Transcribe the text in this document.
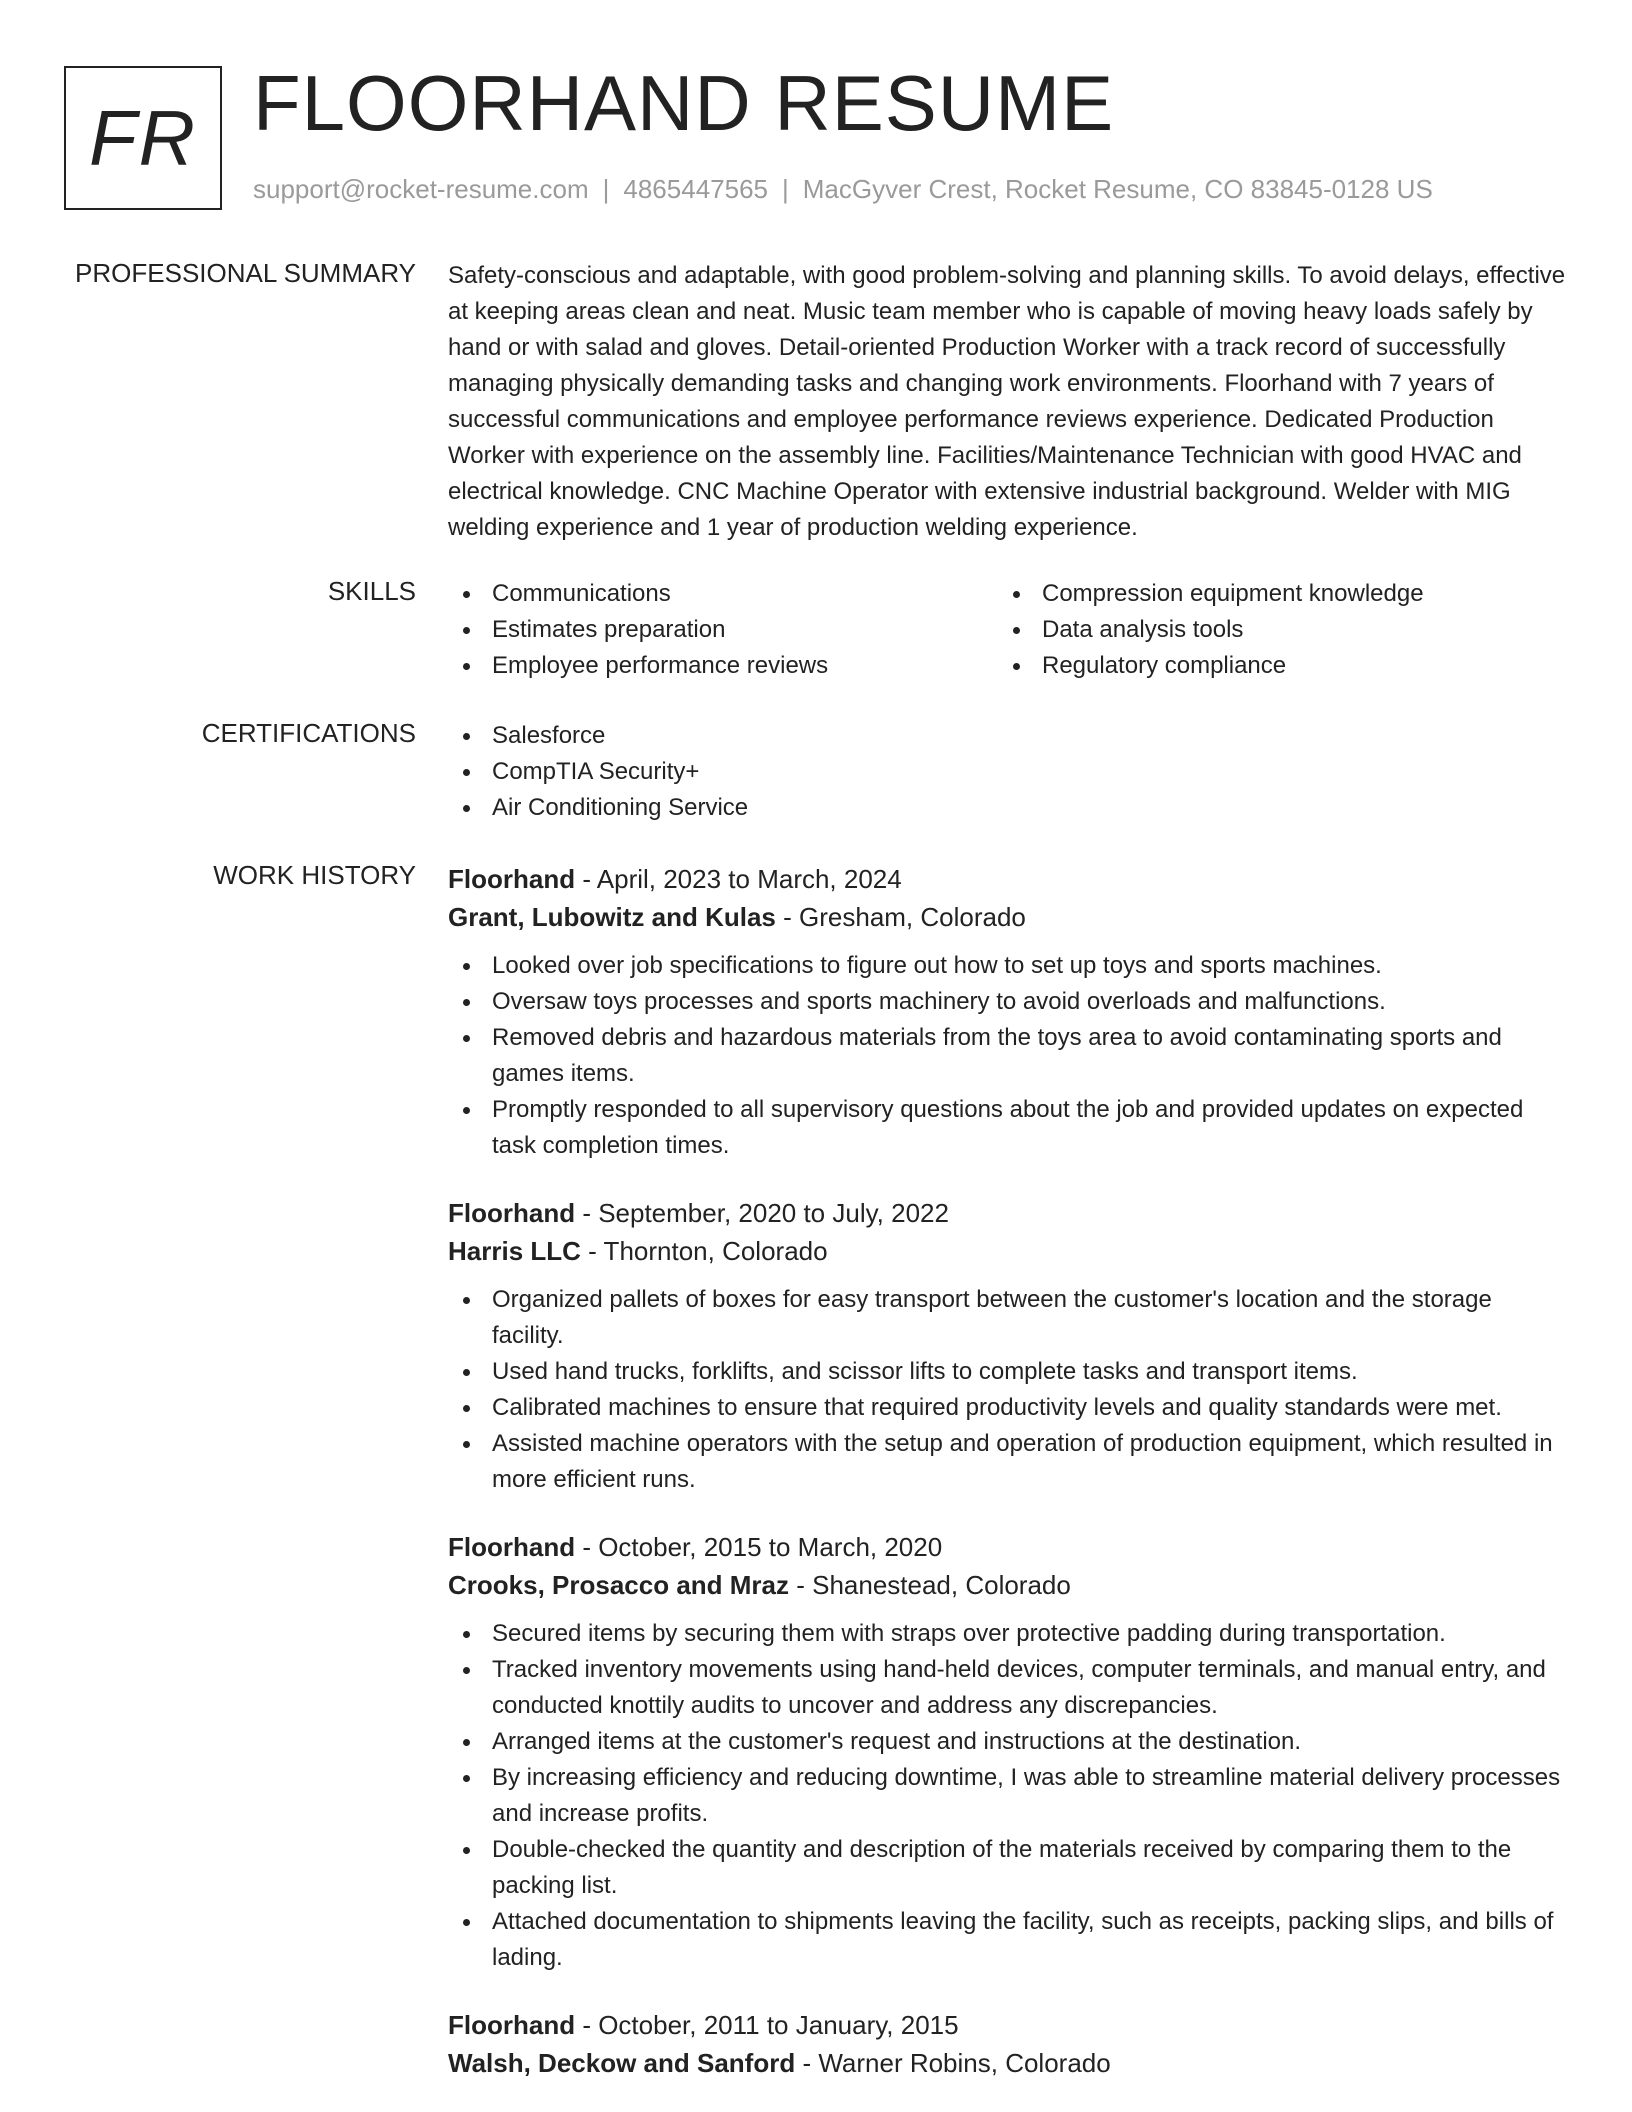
FR FLOORHAND RESUME
support@rocket-resume.com | 4865447565 | MacGyver Crest, Rocket Resume, CO 83845-0128 US
PROFESSIONAL SUMMARY Safety-conscious and adaptable, with good problem-solving and planning skills. To avoid delays, effective at keeping areas clean and neat. Music team member who is capable of moving heavy loads safely by hand or with salad and gloves. Detail-oriented Production Worker with a track record of successfully managing physically demanding tasks and changing work environments. Floorhand with 7 years of successful communications and employee performance reviews experience. Dedicated Production Worker with experience on the assembly line. Facilities/Maintenance Technician with good HVAC and electrical knowledge. CNC Machine Operator with extensive industrial background. Welder with MIG welding experience and 1 year of production welding experience.

SKILLS	Communications
Estimates preparation
Employee performance reviews
Compression equipment knowledge
Data analysis tools
Regulatory compliance
CERTIFICATIONS	Salesforce
CompTIA Security+
Air Conditioning Service
WORK HISTORY Floorhand - April, 2023 to March, 2024
Grant, Lubowitz and Kulas - Gresham, Colorado
Looked over job specifications to figure out how to set up toys and sports machines.
Oversaw toys processes and sports machinery to avoid overloads and malfunctions.
Removed debris and hazardous materials from the toys area to avoid contaminating sports and games items.
Promptly responded to all supervisory questions about the job and provided updates on expected task completion times.
Floorhand - September, 2020 to July, 2022
Harris LLC - Thornton, Colorado
Organized pallets of boxes for easy transport between the customer's location and the storage facility.
Used hand trucks, forklifts, and scissor lifts to complete tasks and transport items.
Calibrated machines to ensure that required productivity levels and quality standards were met.
Assisted machine operators with the setup and operation of production equipment, which resulted in more efficient runs.
Floorhand - October, 2015 to March, 2020
Crooks, Prosacco and Mraz - Shanestead, Colorado
Secured items by securing them with straps over protective padding during transportation.
Tracked inventory movements using hand-held devices, computer terminals, and manual entry, and conducted knottily audits to uncover and address any discrepancies.
Arranged items at the customer's request and instructions at the destination.
By increasing efficiency and reducing downtime, I was able to streamline material delivery processes and increase profits.
Double-checked the quantity and description of the materials received by comparing them to the packing list.
Attached documentation to shipments leaving the facility, such as receipts, packing slips, and bills of lading.
Floorhand - October, 2011 to January, 2015
Walsh, Deckow and Sanford - Warner Robins, Colorado
